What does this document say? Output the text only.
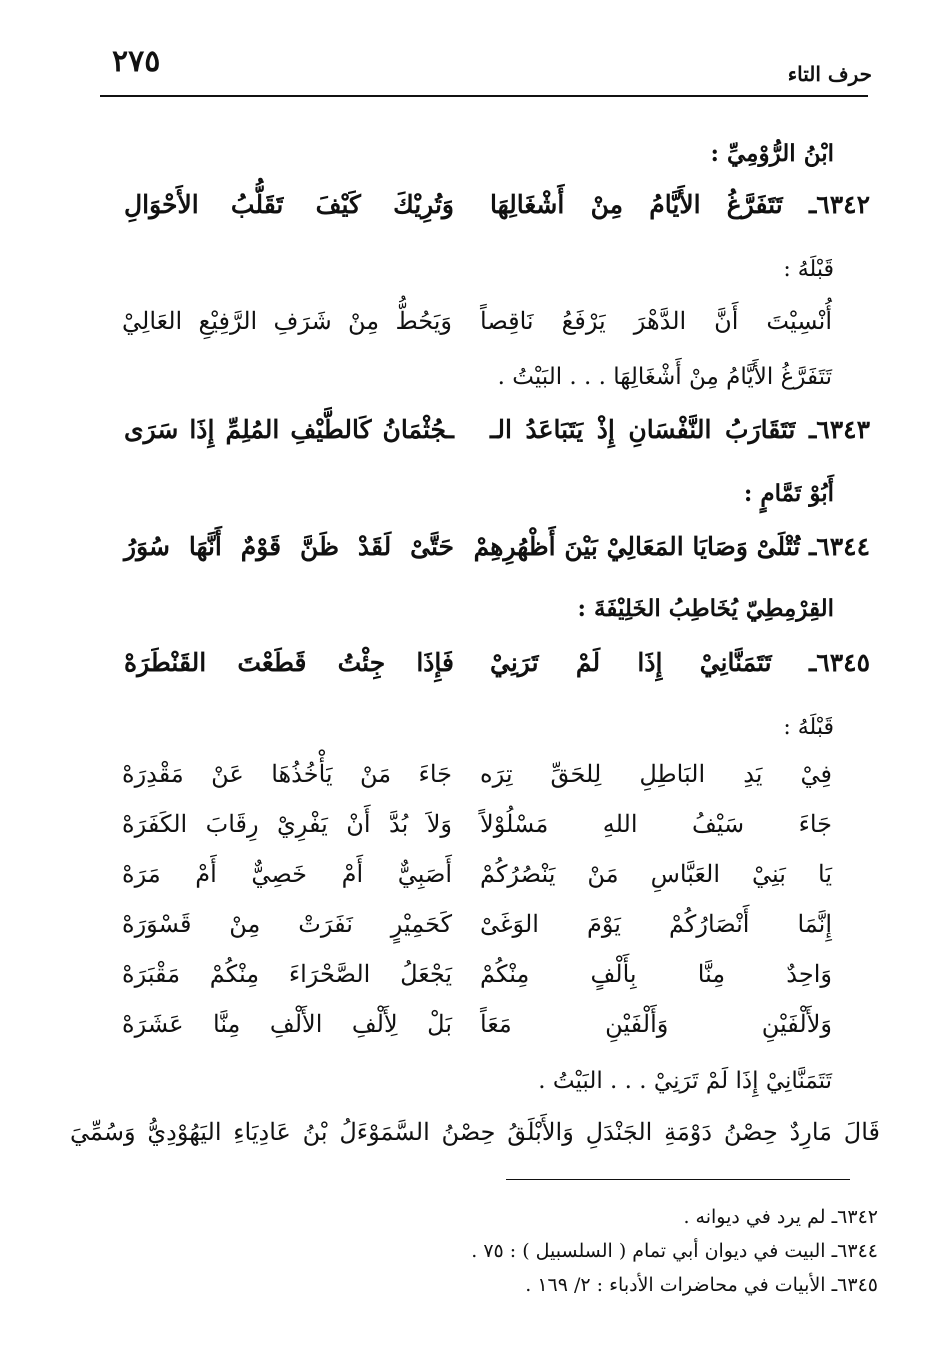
٢٧٥	حرف التاء
ابْنُ الرُّوْمِيِّ :
٦٣٤٢ـ تَتَفَرَّغُ الأَيَّامُ مِنْ أَشْغَالِهَا
وَتُرِيْكَ كَيْفَ تَقَلُّبُ الأَحْوَالِ
قَبْلَهُ :
أُنْسِيْتَ أَنَّ الدَّهْرَ يَرْفَعُ نَاقِصاً
وَيَحُطُّ مِنْ شَرَفِ الرَّفِيْعِ العَالِيْ
تَتَفَرَّغُ الأَيَّامُ مِنْ أَشْغَالِهَا . . . البَيْتُ .
٦٣٤٣ـ تَتَقَارَبُ النَّفْسَانِ إِذْ يَتَبَاعَدُ الـ
ـجُثْمَانُ كَالطَّيْفِ المُلِمِّ إِذَا سَرَى
أَبُوْ تَمَّامٍ :
٦٣٤٤ـ تُتْلَىْ وَصَايَا المَعَالِيْ بَيْنَ أَظْهُرِهِمْ
حَتَّىْ لَقَدْ ظَنَّ قَوْمٌ أَنَّهَا سُوَرُ
القِرْمِطِيّ يُخَاطِبُ الخَلِيْفَةَ :
٦٣٤٥ـ تَتَمَنَّانِيْ إِذَا لَمْ تَرَنِيْ
فَإِذَا جِئْتُ قَطَعْتَ القَنْطَرَهْ
قَبْلَهُ :
فِيْ يَدِ البَاطِلِ لِلحَقِّ تِرَه
جَاءَ مَنْ يَأْخُذُهَا عَنْ مَقْدِرَهْ
جَاءَ سَيْفُ اللهِ مَسْلُوْلاً
وَلاَ بُدَّ أَنْ يَفْرِيْ رِقَابَ الكَفَرَهْ
يَا بَنِيْ العَبَّاسِ مَنْ يَنْصُرُكُمْ
أَصَبِيٌّ أَمْ خَصِيٌّ أَمْ مَرَهْ
إِنَّمَا أَنْصَارُكُمْ يَوْمَ الوَغَىْ
كَحَمِيْرٍ نَفَرَتْ مِنْ قَسْوَرَهْ
وَاحِدٌ مِنَّا بِأَلْفٍ مِنْكُمْ
يَجْعَلُ الصَّحْرَاءَ مِنْكُمْ مَقْبَرَهْ
وَلأَلْفَيْنِ وَأَلْفَيْنِ مَعَاً
بَلْ لِأَلْفِ الأَلْفِ مِنَّا عَشَرَهْ
تَتَمَنَّانِيْ إِذَا لَمْ تَرَنِيْ . . . البَيْتُ .
قَالَ مَارِدٌ حِصْنُ دَوْمَةِ الجَنْدَلِ وَالأَبْلَقُ حِصْنُ السَّمَوْءَلُ بْنُ عَادِيَاءِ اليَهُوْدِيُّ وَسُمِّيَ
٦٣٤٢ـ لم يرد في ديوانه .
٦٣٤٤ـ البيت في ديوان أبي تمام ( السلسبيل ) : ٧٥ .
٦٣٤٥ـ الأبيات في محاضرات الأدباء : ٢/ ١٦٩ .
